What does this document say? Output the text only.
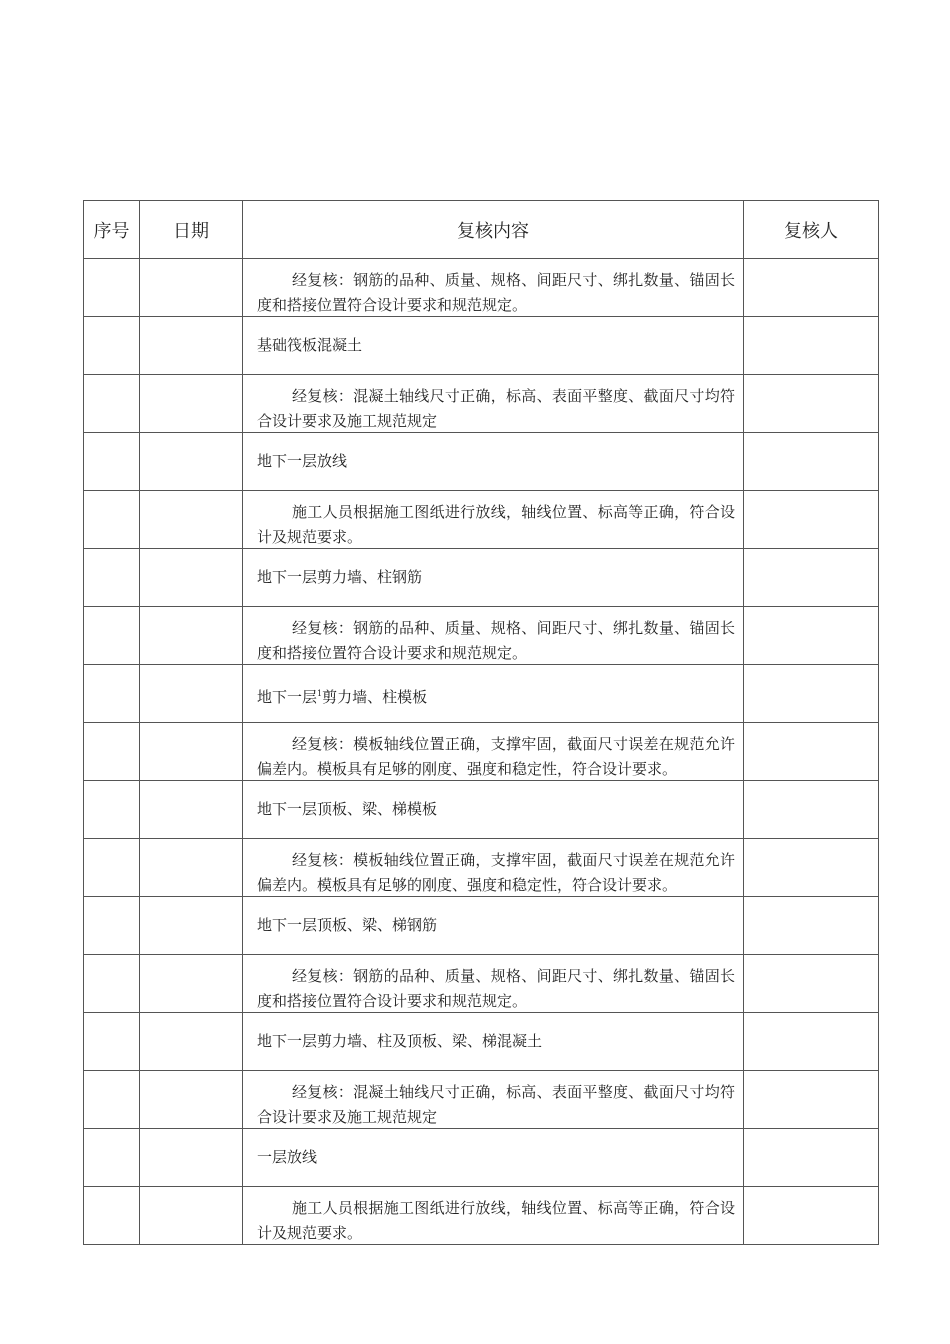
序号	日期	复核内容	复核人

		经复核：钢筋的品种、质量、规格、间距尺寸、绑扎数量、锚固长度和搭接位置符合设计要求和规范规定。	

		基础筏板混凝土	

		经复核：混凝土轴线尺寸正确，标高、表面平整度、截面尺寸均符合设计要求及施工规范规定	

		地下一层放线	

		施工人员根据施工图纸进行放线，轴线位置、标高等正确，符合设计及规范要求。	

		地下一层剪力墙、柱钢筋	

		经复核：钢筋的品种、质量、规格、间距尺寸、绑扎数量、锚固长度和搭接位置符合设计要求和规范规定。	

		地下一层$^1$剪力墙、柱模板	

		经复核：模板轴线位置正确，支撑牢固，截面尺寸误差在规范允许偏差内。模板具有足够的刚度、强度和稳定性，符合设计要求。	

		地下一层顶板、梁、梯模板	

		经复核：模板轴线位置正确，支撑牢固，截面尺寸误差在规范允许偏差内。模板具有足够的刚度、强度和稳定性，符合设计要求。	

		地下一层顶板、梁、梯钢筋	

		经复核：钢筋的品种、质量、规格、间距尺寸、绑扎数量、锚固长度和搭接位置符合设计要求和规范规定。	

		地下一层剪力墙、柱及顶板、梁、梯混凝土	

		经复核：混凝土轴线尺寸正确，标高、表面平整度、截面尺寸均符合设计要求及施工规范规定	

		一层放线	

		施工人员根据施工图纸进行放线，轴线位置、标高等正确，符合设计及规范要求。	
